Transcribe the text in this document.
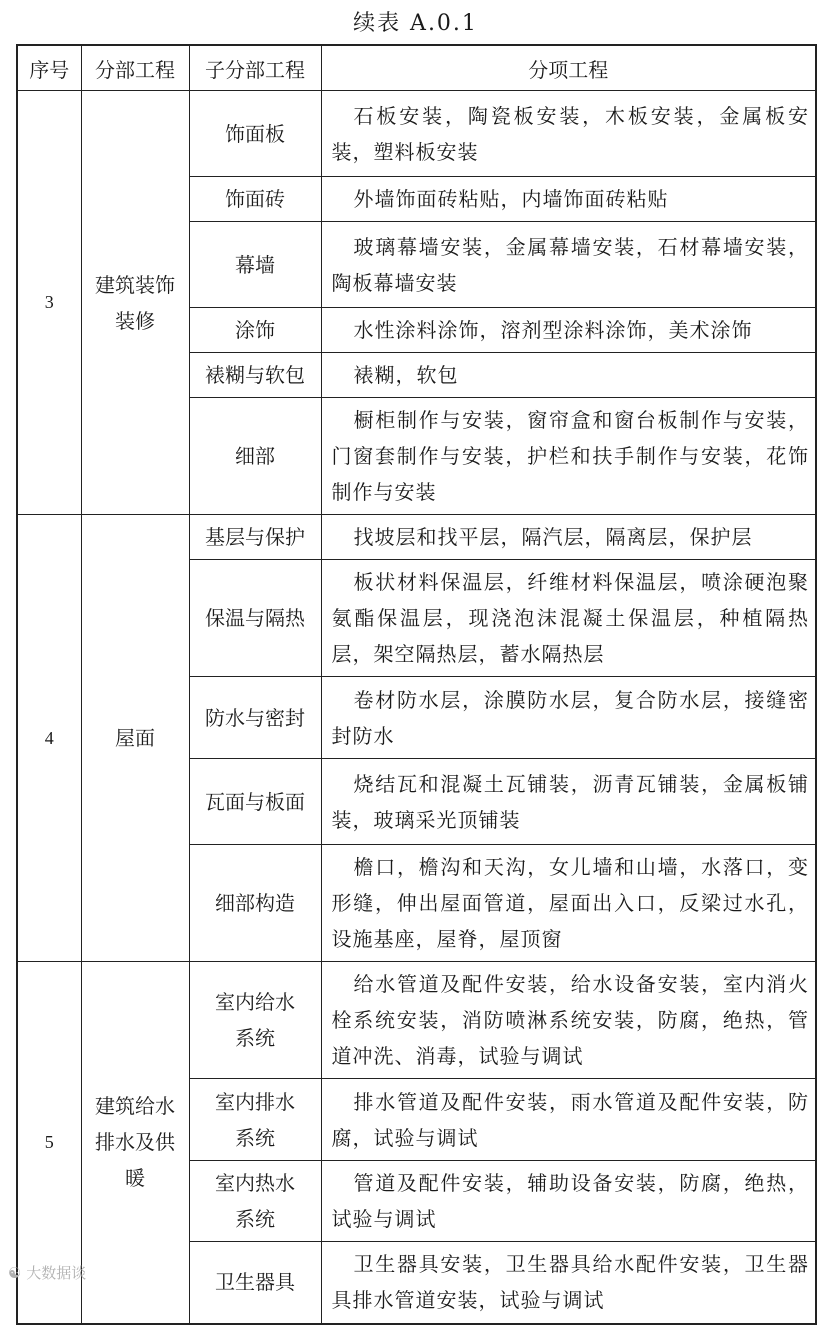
续表 A.0.1
序号	分部工程	子分部工程	分项工程
3	建筑装饰装修	饰面板	石板安装，陶瓷板安装，木板安装，金属板安装，塑料板安装
		饰面砖	外墙饰面砖粘贴，内墙饰面砖粘贴
		幕墙	玻璃幕墙安装，金属幕墙安装，石材幕墙安装，陶板幕墙安装
		涂饰	水性涂料涂饰，溶剂型涂料涂饰，美术涂饰
		裱糊与软包	裱糊，软包
		细部	橱柜制作与安装，窗帘盒和窗台板制作与安装，门窗套制作与安装，护栏和扶手制作与安装，花饰制作与安装
4	屋面	基层与保护	找坡层和找平层，隔汽层，隔离层，保护层
		保温与隔热	板状材料保温层，纤维材料保温层，喷涂硬泡聚氨酯保温层，现浇泡沫混凝土保温层，种植隔热层，架空隔热层，蓄水隔热层
		防水与密封	卷材防水层，涂膜防水层，复合防水层，接缝密封防水
		瓦面与板面	烧结瓦和混凝土瓦铺装，沥青瓦铺装，金属板铺装，玻璃采光顶铺装
		细部构造	檐口，檐沟和天沟，女儿墙和山墙，水落口，变形缝，伸出屋面管道，屋面出入口，反梁过水孔，设施基座，屋脊，屋顶窗
5	建筑给水排水及供暖	室内给水系统	给水管道及配件安装，给水设备安装，室内消火栓系统安装，消防喷淋系统安装，防腐，绝热，管道冲洗、消毒，试验与调试
		室内排水系统	排水管道及配件安装，雨水管道及配件安装，防腐，试验与调试
		室内热水系统	管道及配件安装，辅助设备安装，防腐，绝热，试验与调试
		卫生器具	卫生器具安装，卫生器具给水配件安装，卫生器具排水管道安装，试验与调试
☯ 大数据谈
